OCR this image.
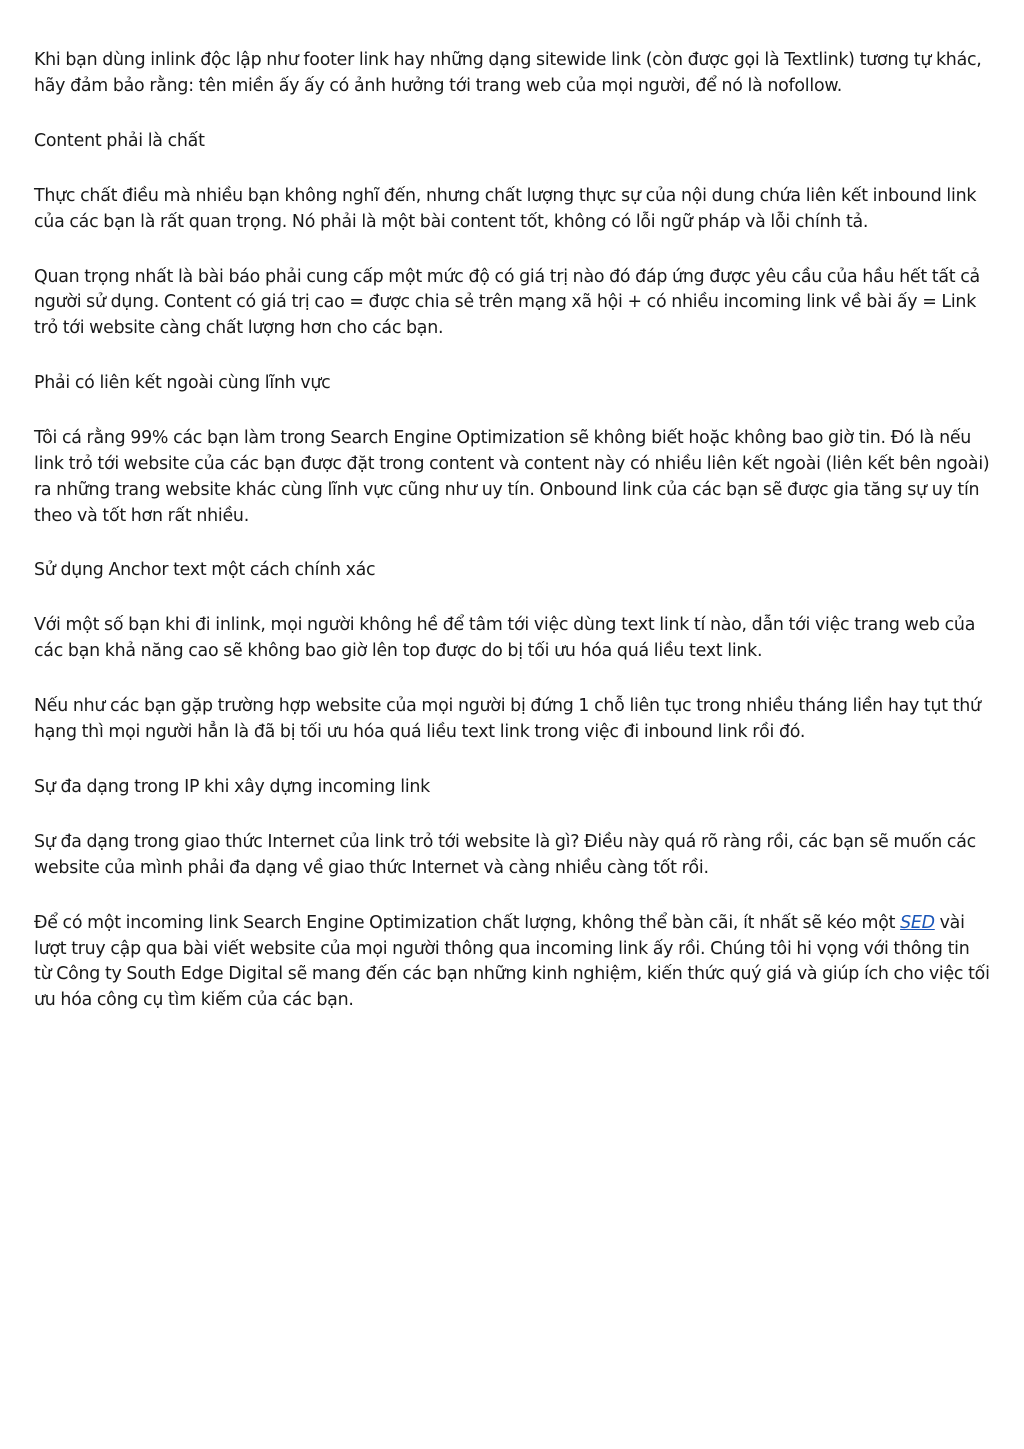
Khi bạn dùng inlink độc lập như footer link hay những dạng sitewide link (còn được gọi là Textlink) tương tự khác, hãy đảm bảo rằng: tên miền ấy ấy có ảnh hưởng tới trang web của mọi người, để nó là nofollow.

Content phải là chất

Thực chất điều mà nhiều bạn không nghĩ đến, nhưng chất lượng thực sự của nội dung chứa liên kết inbound link của các bạn là rất quan trọng. Nó phải là một bài content tốt, không có lỗi ngữ pháp và lỗi chính tả.

Quan trọng nhất là bài báo phải cung cấp một mức độ có giá trị nào đó đáp ứng được yêu cầu của hầu hết tất cả người sử dụng. Content có giá trị cao = được chia sẻ trên mạng xã hội + có nhiều incoming link về bài ấy = Link trỏ tới website càng chất lượng hơn cho các bạn.

Phải có liên kết ngoài cùng lĩnh vực

Tôi cá rằng 99% các bạn làm trong Search Engine Optimization sẽ không biết hoặc không bao giờ tin. Đó là nếu link trỏ tới website của các bạn được đặt trong content và content này có nhiều liên kết ngoài (liên kết bên ngoài) ra những trang website khác cùng lĩnh vực cũng như uy tín. Onbound link của các bạn sẽ được gia tăng sự uy tín theo và tốt hơn rất nhiều.

Sử dụng Anchor text một cách chính xác

Với một số bạn khi đi inlink, mọi người không hề để tâm tới việc dùng text link tí nào, dẫn tới việc trang web của các bạn khả năng cao sẽ không bao giờ lên top được do bị tối ưu hóa quá liều text link.

Nếu như các bạn gặp trường hợp website của mọi người bị đứng 1 chỗ liên tục trong nhiều tháng liền hay tụt thứ hạng thì mọi người hẳn là đã bị tối ưu hóa quá liều text link trong việc đi inbound link rồi đó.

Sự đa dạng trong IP khi xây dựng incoming link

Sự đa dạng trong giao thức Internet của link trỏ tới website là gì? Điều này quá rõ ràng rồi, các bạn sẽ muốn các website của mình phải đa dạng về giao thức Internet và càng nhiều càng tốt rồi.

Để có một incoming link Search Engine Optimization chất lượng, không thể bàn cãi, ít nhất sẽ kéo một SED vài lượt truy cập qua bài viết website của mọi người thông qua incoming link ấy rồi. Chúng tôi hi vọng với thông tin từ Công ty South Edge Digital sẽ mang đến các bạn những kinh nghiệm, kiến thức quý giá và giúp ích cho việc tối ưu hóa công cụ tìm kiếm của các bạn.
